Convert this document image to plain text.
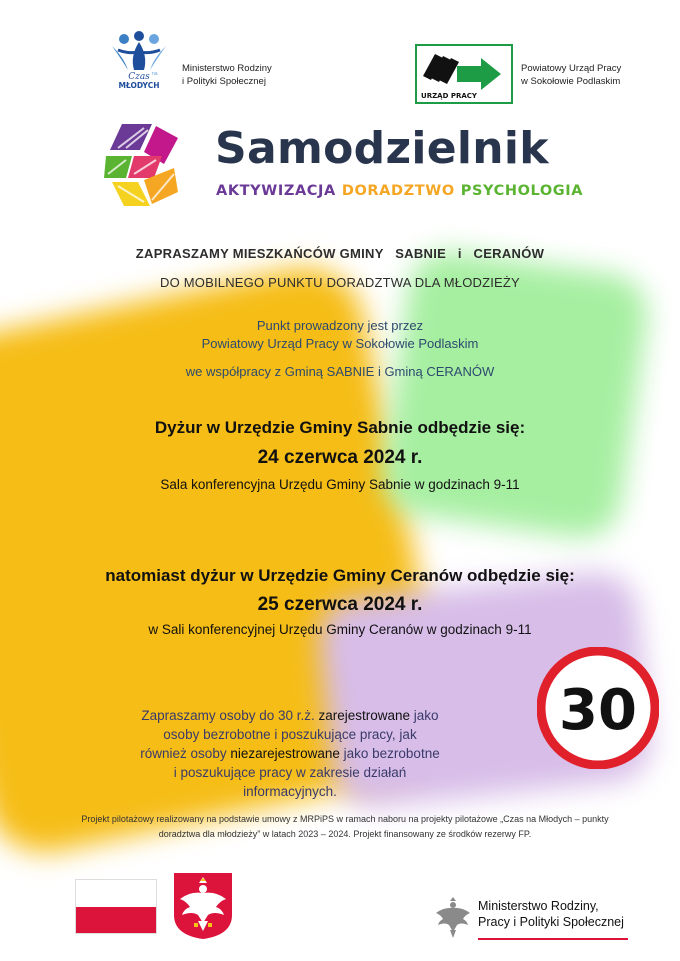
Czas na
MŁODYCH
Ministerstwo Rodziny
i Polityki Społecznej
URZĄD PRACY
Powiatowy Urząd Pracy
w Sokołowie Podlaskim
Samodzielnik
AKTYWIZACJA DORADZTWO PSYCHOLOGIA
ZAPRASZAMY MIESZKAŃCÓW GMINY   SABNIE   i   CERANÓW
DO MOBILNEGO PUNKTU DORADZTWA DLA MŁODZIEŻY
Punkt prowadzony jest przez
Powiatowy Urząd Pracy w Sokołowie Podlaskim
we współpracy z Gminą SABNIE i Gminą CERANÓW
Dyżur w Urzędzie Gminy Sabnie odbędzie się:
24 czerwca 2024 r.
Sala konferencyjna Urzędu Gminy Sabnie w godzinach 9-11
natomiast dyżur w Urzędzie Gminy Ceranów odbędzie się:
25 czerwca 2024 r.
w Sali konferencyjnej Urzędu Gminy Ceranów w godzinach 9-11
Zapraszamy osoby do 30 r.ż. zarejestrowane jako osoby bezrobotne i poszukujące pracy, jak również osoby niezarejestrowane jako bezrobotne i poszukujące pracy w zakresie działań informacyjnych.
30
Projekt pilotażowy realizowany na podstawie umowy z MRPiPS w ramach naboru na projekty pilotażowe „Czas na Młodych – punkty doradztwa dla młodzieży” w latach 2023 – 2024. Projekt finansowany ze środków rezerwy FP.
Ministerstwo Rodziny,
Pracy i Polityki Społecznej
